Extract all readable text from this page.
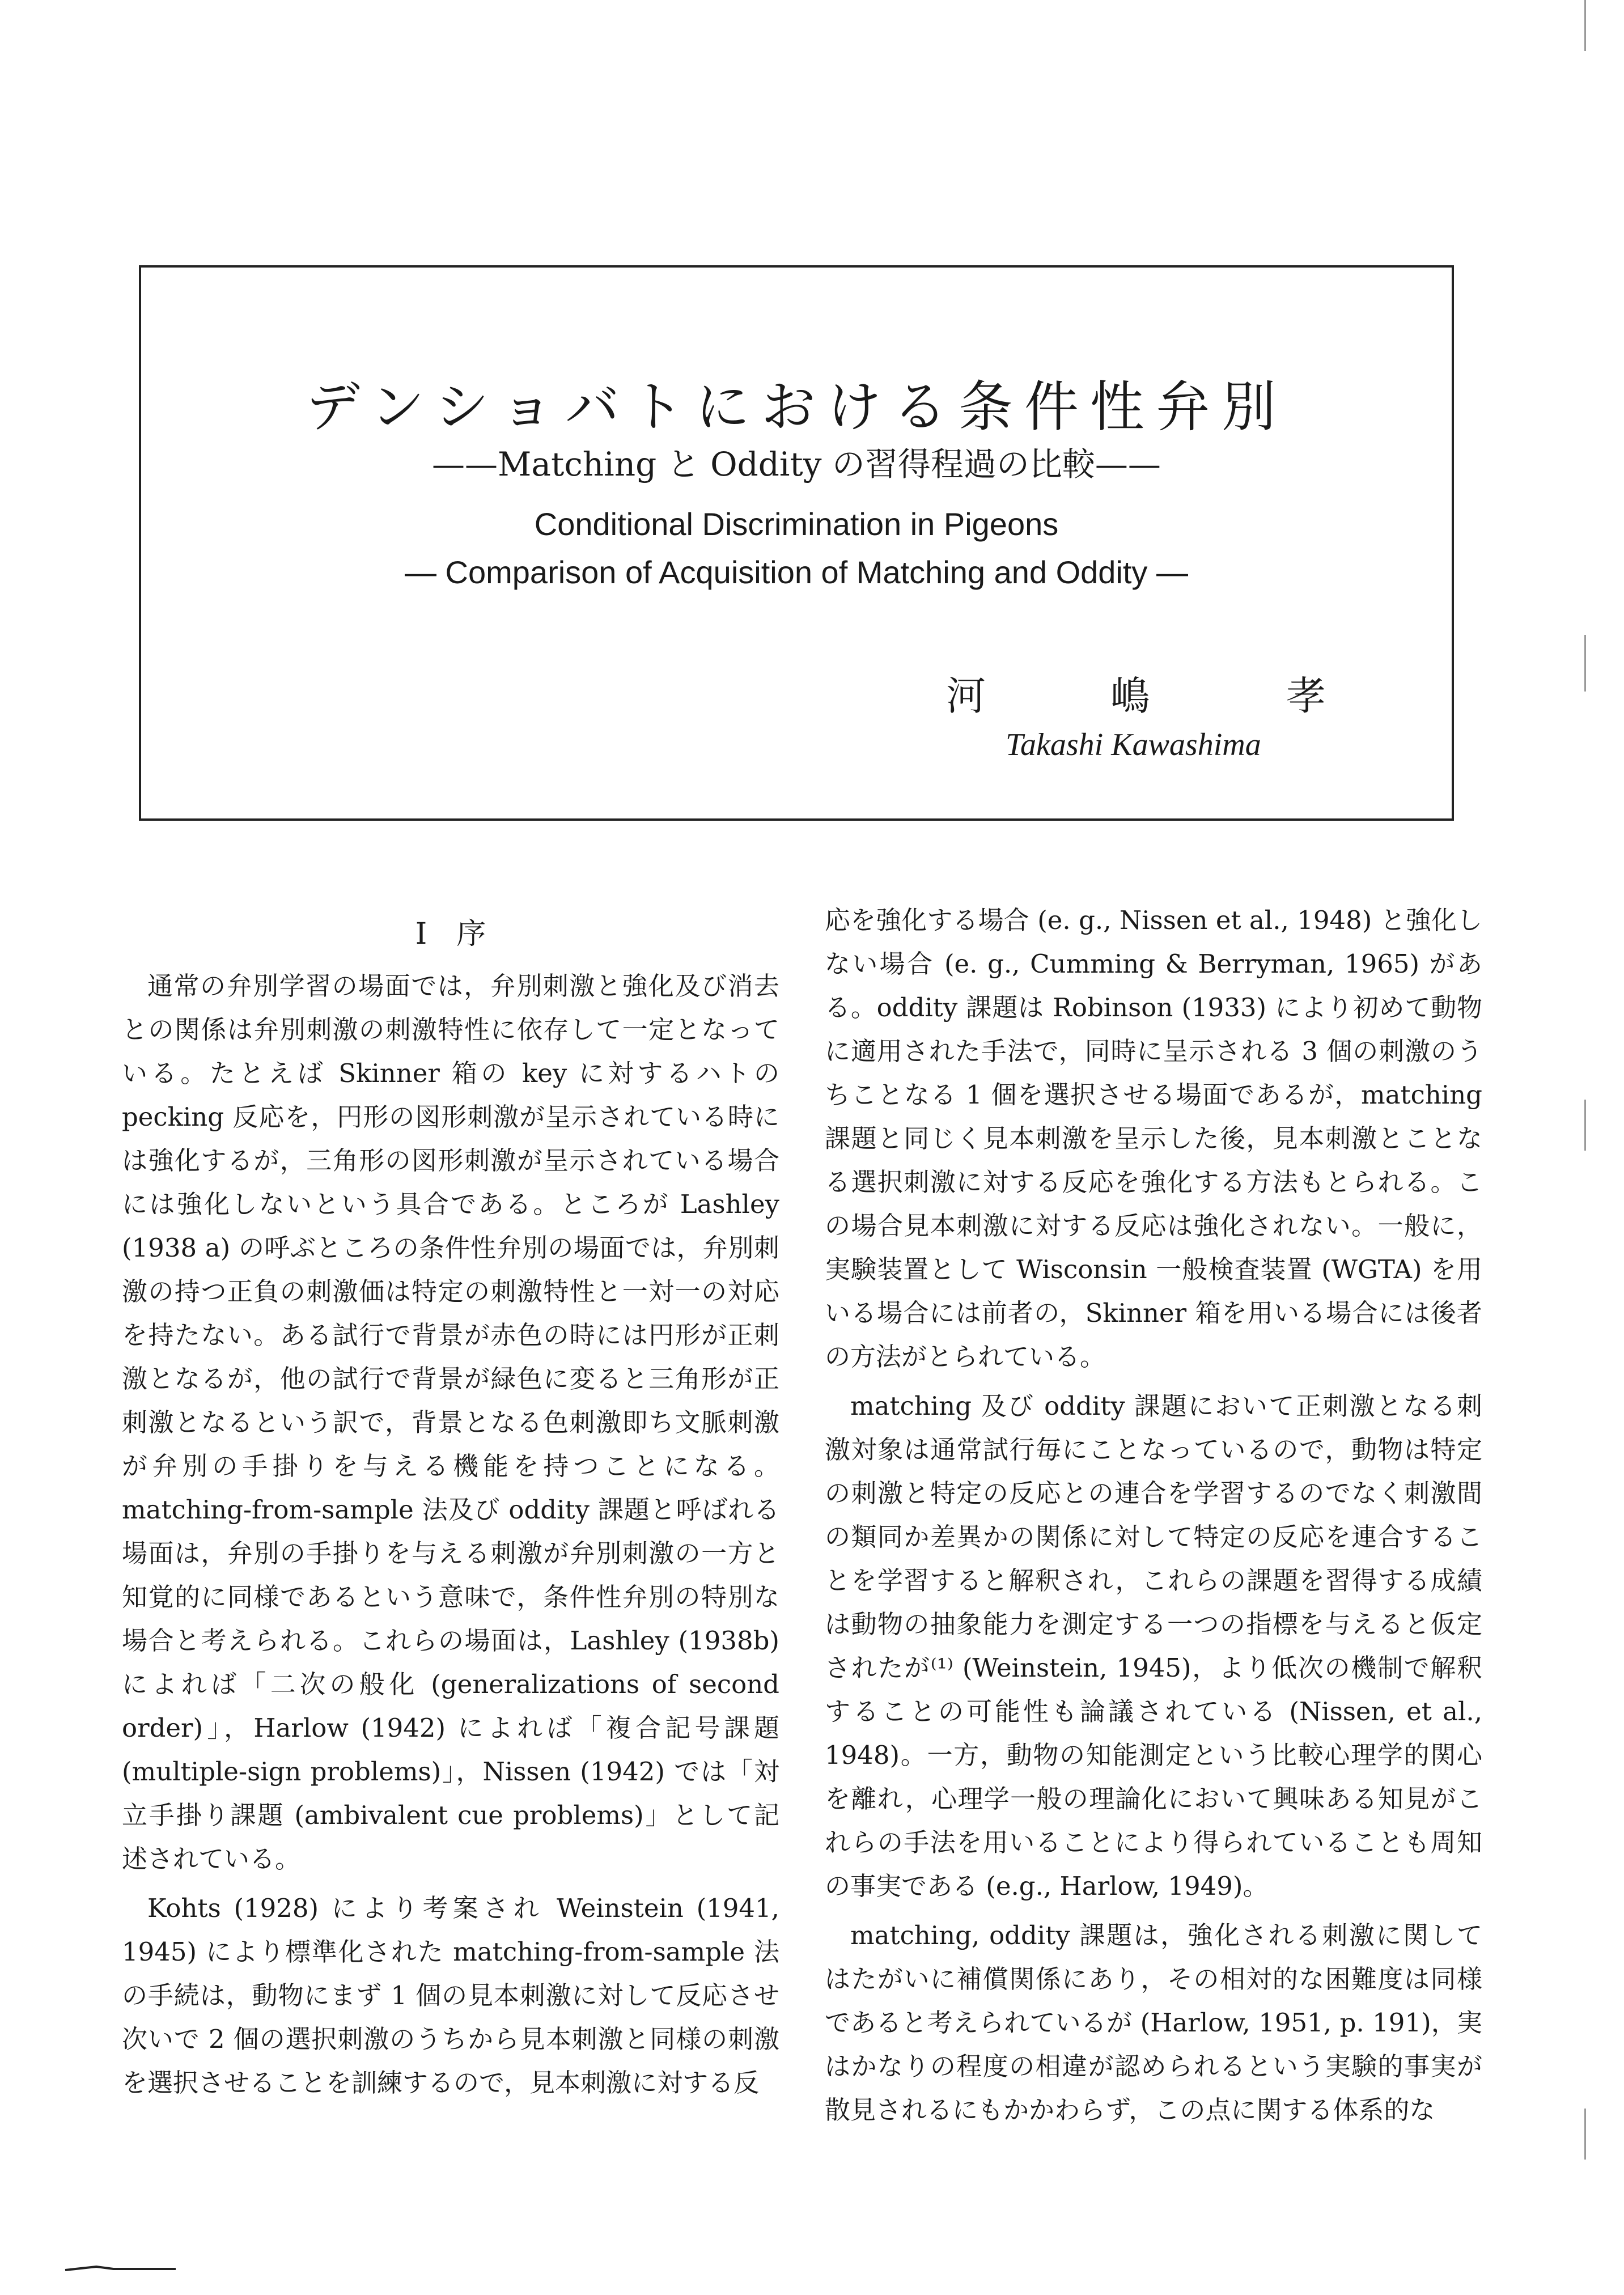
デンショバトにおける条件性弁別
——Matching と Oddity の習得程過の比較——
Conditional Discrimination in Pigeons
— Comparison of Acquisition of Matching and Oddity —
河	嶋	孝
Takashi Kawashima
I　序

通常の弁別学習の場面では，弁別刺激と強化及び消去との関係は弁別刺激の刺激特性に依存して一定となっている。たとえば Skinner 箱の key に対するハトの pecking 反応を，円形の図形刺激が呈示されている時には強化するが，三角形の図形刺激が呈示されている場合には強化しないという具合である。ところが Lashley (1938 a) の呼ぶところの条件性弁別の場面では，弁別刺激の持つ正負の刺激価は特定の刺激特性と一対一の対応を持たない。ある試行で背景が赤色の時には円形が正刺激となるが，他の試行で背景が緑色に変ると三角形が正刺激となるという訳で，背景となる色刺激即ち文脈刺激が弁別の手掛りを与える機能を持つことになる。matching-from-sample 法及び oddity 課題と呼ばれる場面は，弁別の手掛りを与える刺激が弁別刺激の一方と知覚的に同様であるという意味で，条件性弁別の特別な場合と考えられる。これらの場面は，Lashley (1938b) によれば「二次の般化 (generalizations of second order)」，Harlow (1942) によれば「複合記号課題 (multiple-sign problems)」，Nissen (1942) では「対立手掛り課題 (ambivalent cue problems)」として記述されている。

Kohts (1928) により考案され Weinstein (1941, 1945) により標準化された matching-from-sample 法の手続は，動物にまず 1 個の見本刺激に対して反応させ次いで 2 個の選択刺激のうちから見本刺激と同様の刺激を選択させることを訓練するので，見本刺激に対する反

応を強化する場合 (e. g., Nissen et al., 1948) と強化しない場合 (e. g., Cumming & Berryman, 1965) がある。oddity 課題は Robinson (1933) により初めて動物に適用された手法で，同時に呈示される 3 個の刺激のうちことなる 1 個を選択させる場面であるが，matching 課題と同じく見本刺激を呈示した後，見本刺激とことなる選択刺激に対する反応を強化する方法もとられる。この場合見本刺激に対する反応は強化されない。一般に，実験装置として Wisconsin 一般検査装置 (WGTA) を用いる場合には前者の，Skinner 箱を用いる場合には後者の方法がとられている。

matching 及び oddity 課題において正刺激となる刺激対象は通常試行毎にことなっているので，動物は特定の刺激と特定の反応との連合を学習するのでなく刺激間の類同か差異かの関係に対して特定の反応を連合することを学習すると解釈され，これらの課題を習得する成績は動物の抽象能力を測定する一つの指標を与えると仮定されたが⁽¹⁾ (Weinstein, 1945)，より低次の機制で解釈することの可能性も論議されている (Nissen, et al., 1948)。一方，動物の知能測定という比較心理学的関心を離れ，心理学一般の理論化において興味ある知見がこれらの手法を用いることにより得られていることも周知の事実である (e.g., Harlow, 1949)。

matching, oddity 課題は，強化される刺激に関してはたがいに補償関係にあり，その相対的な困難度は同様であると考えられているが (Harlow, 1951, p. 191)，実はかなりの程度の相違が認められるという実験的事実が散見されるにもかかわらず，この点に関する体系的な
